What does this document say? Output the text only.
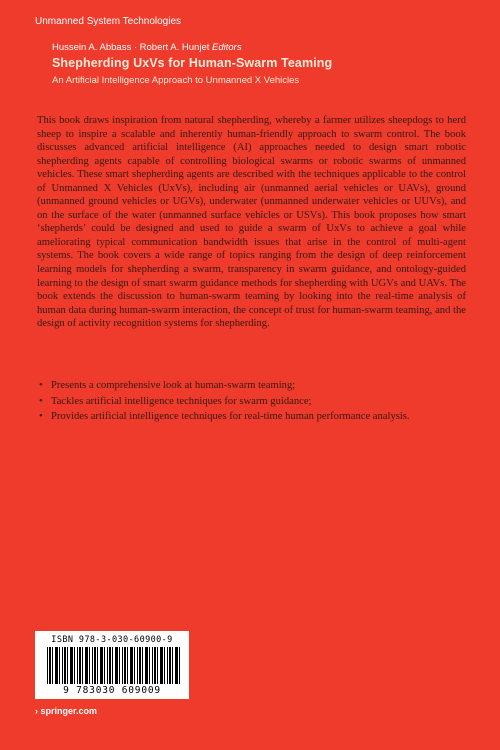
Unmanned System Technologies
Hussein A. Abbass · Robert A. Hunjet Editors
Shepherding UxVs for Human-Swarm Teaming
An Artificial Intelligence Approach to Unmanned X Vehicles

This book draws inspiration from natural shepherding, whereby a farmer utilizes sheepdogs to herd sheep to inspire a scalable and inherently human-friendly approach to swarm control. The book discusses advanced artificial intelligence (AI) approaches needed to design smart robotic shepherding agents capable of controlling biological swarms or robotic swarms of unmanned vehicles. These smart shepherding agents are described with the techniques applicable to the control of Unmanned X Vehicles (UxVs), including air (unmanned aerial vehicles or UAVs), ground (unmanned ground vehicles or UGVs), underwater (unmanned underwater vehicles or UUVs), and on the surface of the water (unmanned surface vehicles or USVs). This book proposes how smart ‘shepherds’ could be designed and used to guide a swarm of UxVs to achieve a goal while ameliorating typical communication bandwidth issues that arise in the control of multi-agent systems. The book covers a wide range of topics ranging from the design of deep reinforcement learning models for shepherding a swarm, transparency in swarm guidance, and ontology-guided learning to the design of smart swarm guidance methods for shepherding with UGVs and UAVs. The book extends the discussion to human-swarm teaming by looking into the real-time analysis of human data during human-swarm interaction, the concept of trust for human-swarm teaming, and the design of activity recognition systems for shepherding.

• Presents a comprehensive look at human-swarm teaming;
• Tackles artificial intelligence techniques for swarm guidance;
• Provides artificial intelligence techniques for real-time human performance analysis.
ISBN 978-3-030-60900-9
9 783030 609009
› springer.com
